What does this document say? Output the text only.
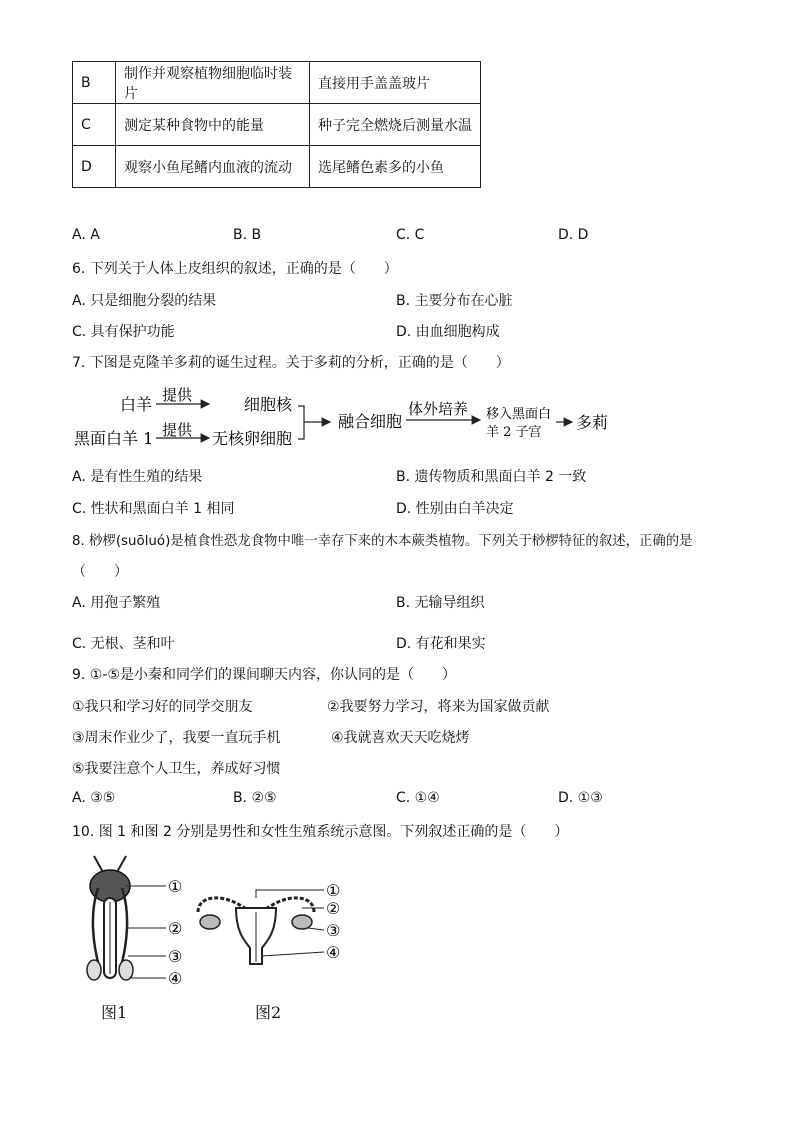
B	制作并观察植物细胞临时装片	直接用手盖盖玻片
C	测定某种食物中的能量	种子完全燃烧后测量水温
D	观察小鱼尾鳍内血液的流动	选尾鳍色素多的小鱼
A. A	B. B	C. C	D. D
6. 下列关于人体上皮组织的叙述，正确的是（　　）
A. 只是细胞分裂的结果	B. 主要分布在心脏
C. 具有保护功能	D. 由血细胞构成
7. 下图是克隆羊多莉的诞生过程。关于多莉的分析，正确的是（　　）
白羊 提供	细胞核
黑面白羊 1 提供 无核卵细胞
融合细胞
体外培养 移入黑面白
羊 2 子宫
多莉
A. 是有性生殖的结果	B. 遗传物质和黑面白羊 2 一致
C. 性状和黑面白羊 1 相同	D. 性别由白羊决定
8. 桫椤(suōluó)是植食性恐龙食物中唯一幸存下来的木本蕨类植物。下列关于桫椤特征的叙述，正确的是
（　　）
A. 用孢子繁殖	B. 无输导组织
C. 无根、茎和叶	D. 有花和果实
9. ①-⑤是小秦和同学们的课间聊天内容，你认同的是（　　）
①我只和学习好的同学交朋友	②我要努力学习，将来为国家做贡献
③周末作业少了，我要一直玩手机	④我就喜欢天天吃烧烤
⑤我要注意个人卫生，养成好习惯
A. ③⑤	B. ②⑤	C. ①④	D. ①③
10. 图 1 和图 2 分别是男性和女性生殖系统示意图。下列叙述正确的是（　　）
①
②
③
④
①
②
③
④
图1	图2
